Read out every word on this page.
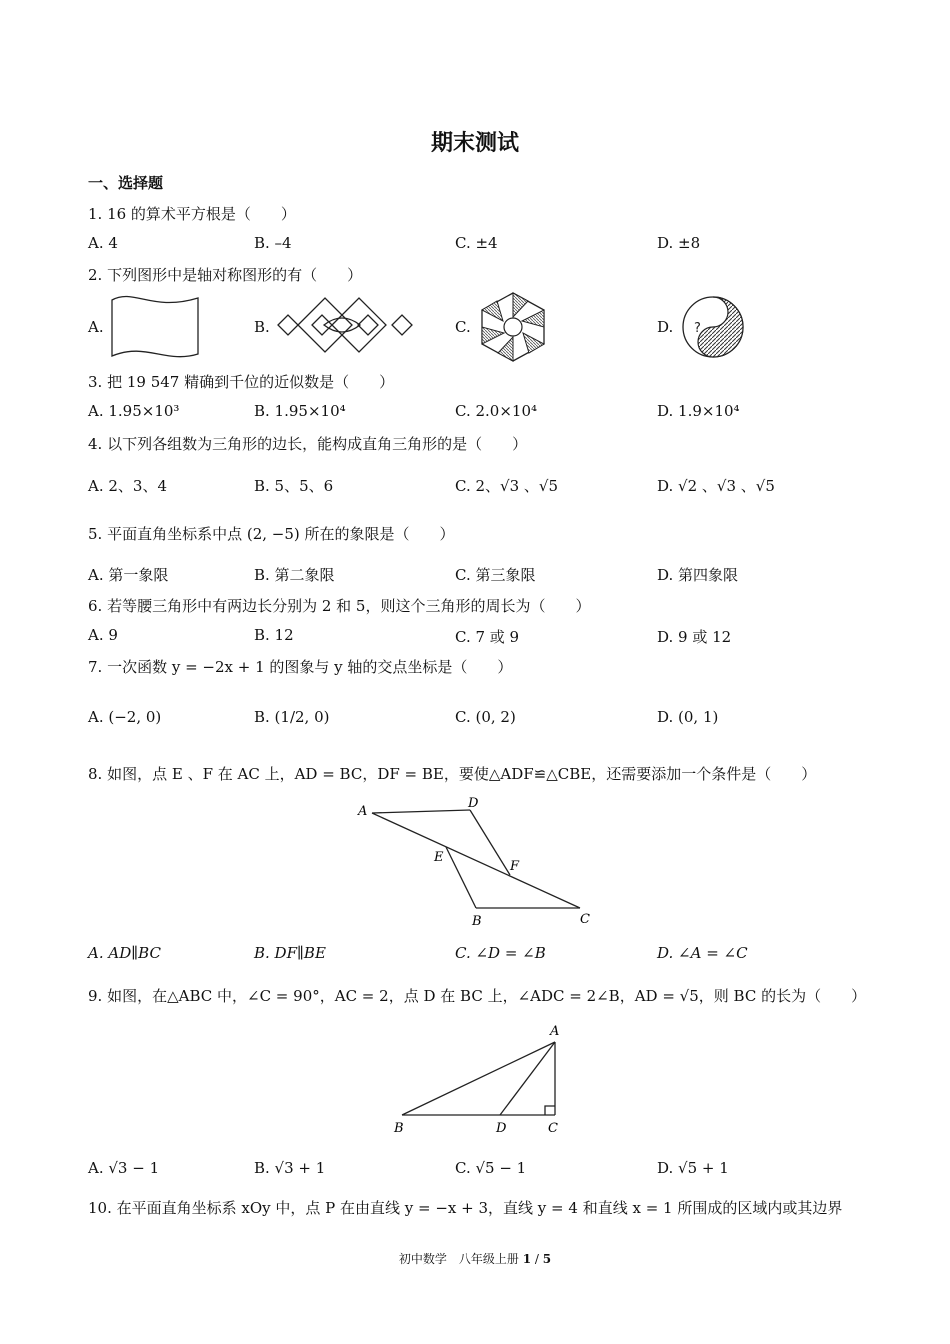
期末测试
一、选择题
1. 16 的算术平方根是（　　）
A. 4	B. –4	C. ±4	D. ±8
2. 下列图形中是轴对称图形的有（　　）
A.	B.	C.	D. ?
3. 把 19 547 精确到千位的近似数是（　　）
A. 1.95×10³	B. 1.95×10⁴	C. 2.0×10⁴	D. 1.9×10⁴
4. 以下列各组数为三角形的边长，能构成直角三角形的是（　　）
A. 2、3、4	B. 5、5、6	C. 2、√3 、√5	D. √2 、√3 、√5
5. 平面直角坐标系中点 (2, −5) 所在的象限是（　　）
A. 第一象限	B. 第二象限	C. 第三象限	D. 第四象限
6. 若等腰三角形中有两边长分别为 2 和 5，则这个三角形的周长为（　　）
A. 9	B. 12	C. 7 或 9	D. 9 或 12
7. 一次函数 y = −2x + 1 的图象与 y 轴的交点坐标是（　　）
A. (−2, 0)	B. (1/2, 0)	C. (0, 2)	D. (0, 1)
8. 如图，点 E 、F 在 AC 上，AD = BC，DF = BE，要使△ADF≌△CBE，还需要添加一个条件是（　　）
A
D
E
F
B	C
A. AD∥BC	B. DF∥BE	C. ∠D = ∠B	D. ∠A = ∠C
9. 如图，在△ABC 中，∠C = 90°，AC = 2，点 D 在 BC 上，∠ADC = 2∠B，AD = √5，则 BC 的长为（　　）
A
B	D	C
A. √3 − 1	B. √3 + 1	C. √5 − 1	D. √5 + 1
10. 在平面直角坐标系 xOy 中，点 P 在由直线 y = −x + 3，直线 y = 4 和直线 x = 1 所围成的区域内或其边界
初中数学　八年级上册 1 / 5
